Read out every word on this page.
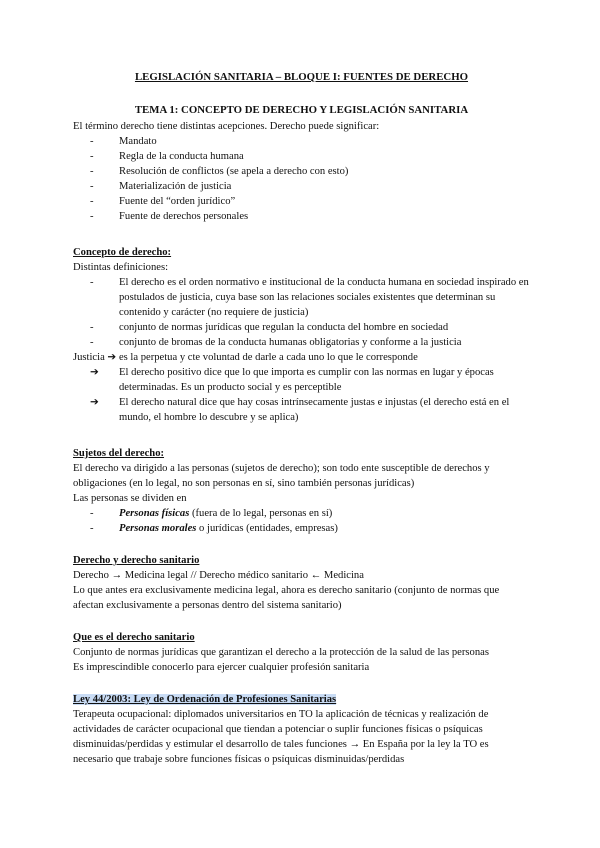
LEGISLACIÓN SANITARIA – BLOQUE I: FUENTES DE DERECHO

TEMA 1: CONCEPTO DE DERECHO Y LEGISLACIÓN SANITARIA

El término derecho tiene distintas acepciones. Derecho puede significar:

- Mandato
- Regla de la conducta humana
- Resolución de conflictos (se apela a derecho con esto)
- Materialización de justicia
- Fuente del “orden jurídico”
- Fuente de derechos personales
Concepto de derecho:

Distintas definiciones:

- El derecho es el orden normativo e institucional de la conducta humana en sociedad inspirado en postulados de justicia, cuya base son las relaciones sociales existentes que determinan su contenido y carácter (no requiere de justicia)
- conjunto de normas jurídicas que regulan la conducta del hombre en sociedad
- conjunto de bromas de la conducta humanas obligatorias y conforme a la justicia

Justicia ➔ es la perpetua y cte voluntad de darle a cada uno lo que le corresponde

➔ El derecho positivo dice que lo que importa es cumplir con las normas en lugar y épocas determinadas. Es un producto social y es perceptible
➔ El derecho natural dice que hay cosas intrínsecamente justas e injustas (el derecho está en el mundo, el hombre lo descubre y se aplica)
Sujetos del derecho:

El derecho va dirigido a las personas (sujetos de derecho); son todo ente susceptible de derechos y obligaciones (en lo legal, no son personas en sí, sino también personas jurídicas)

Las personas se dividen en

- Personas físicas (fuera de lo legal, personas en sí)
- Personas morales o jurídicas (entidades, empresas)
Derecho y derecho sanitario

Derecho → Medicina legal // Derecho médico sanitario ← Medicina

Lo que antes era exclusivamente medicina legal, ahora es derecho sanitario (conjunto de normas que afectan exclusivamente a personas dentro del sistema sanitario)

Que es el derecho sanitario

Conjunto de normas jurídicas que garantizan el derecho a la protección de la salud de las personas

Es imprescindible conocerlo para ejercer cualquier profesión sanitaria

Ley 44/2003: Ley de Ordenación de Profesiones Sanitarias

Terapeuta ocupacional: diplomados universitarios en TO la aplicación de técnicas y realización de actividades de carácter ocupacional que tiendan a potenciar o suplir funciones físicas o psíquicas disminuidas/perdidas y estimular el desarrollo de tales funciones → En España por la ley la TO es necesario que trabaje sobre funciones físicas o psíquicas disminuidas/perdidas
